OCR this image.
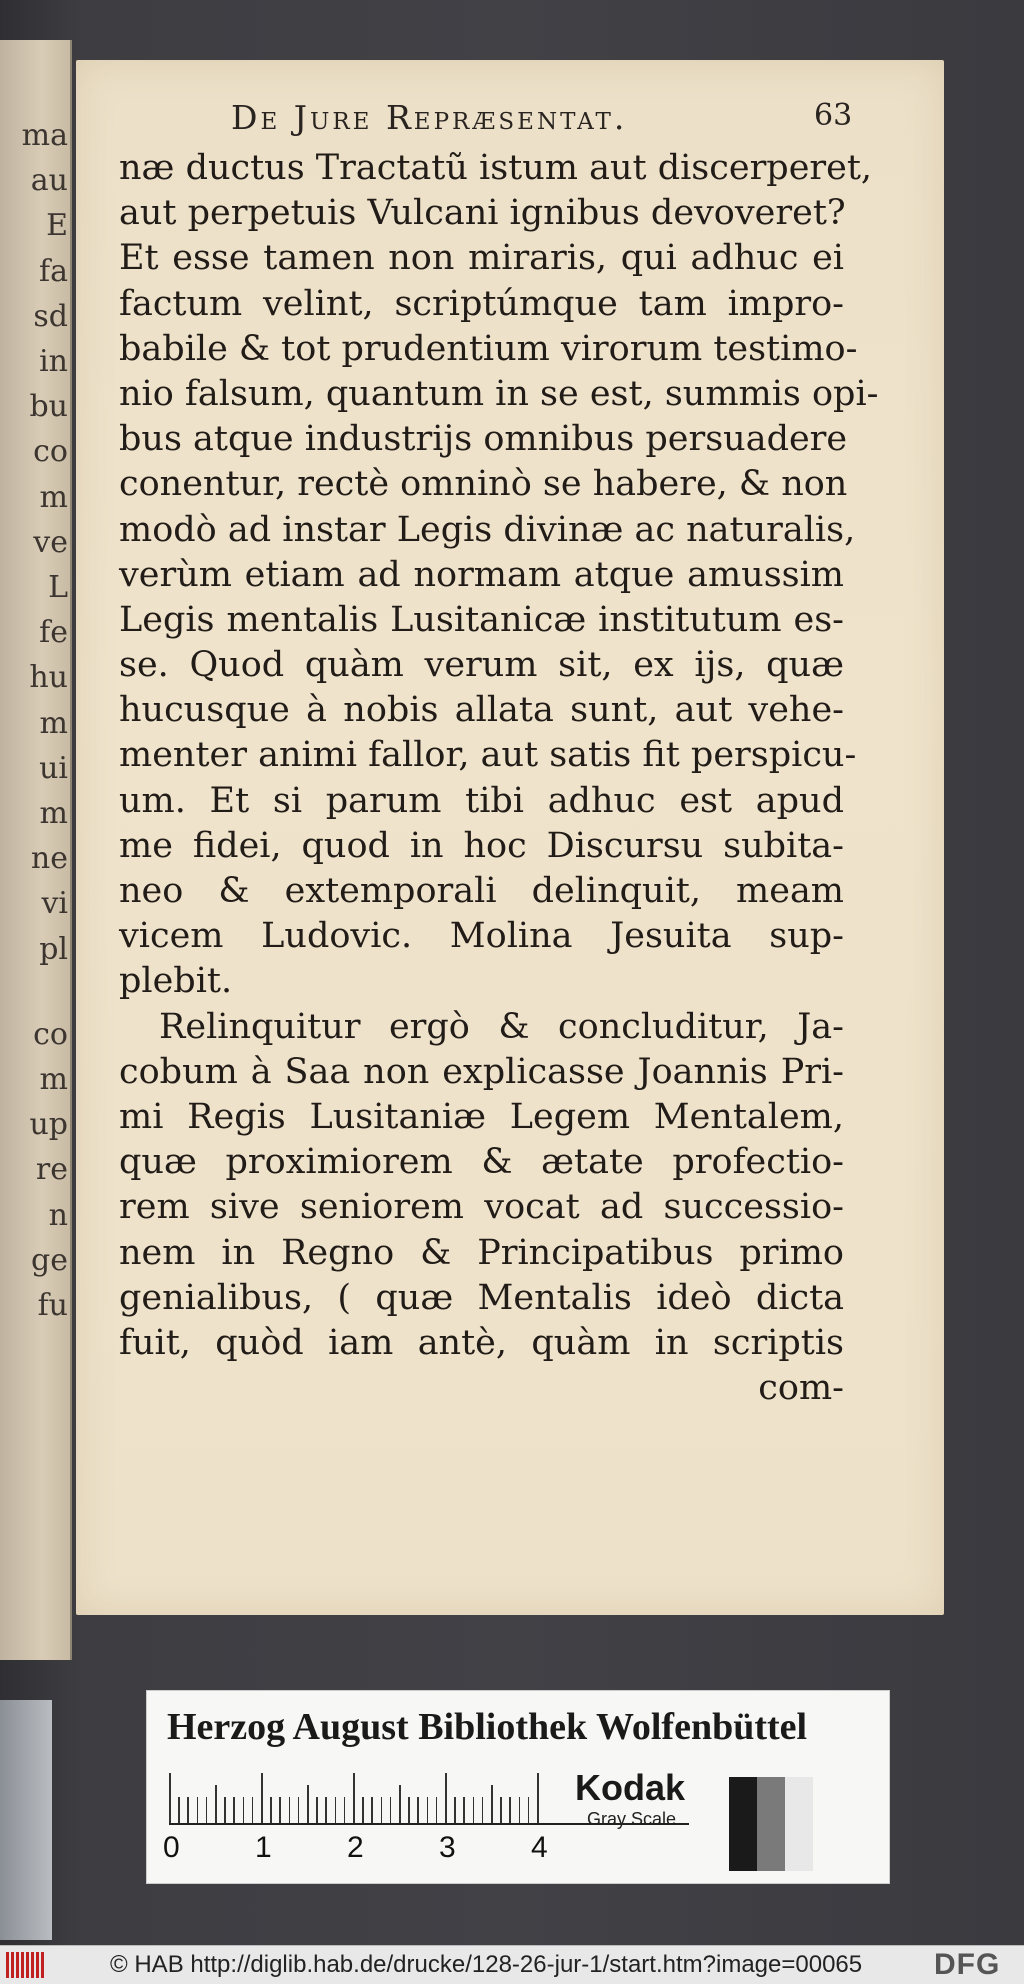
ma
au
E
fa
sd
in
bu
co
m
ve
L
fe
hu
m
ui
m
ne
vi
pl
co
m
up
re
n
ge
fu
De Jure Repræsentat.	63
næ ductus Tractatũ istum aut discerperet,
aut perpetuis Vulcani ignibus devoveret?
Et esse tamen non miraris, qui adhuc ei
factum velint, scriptúmque tam impro-
babile & tot prudentium virorum testimo-
nio falsum, quantum in se est, summis opi-
bus atque industrijs omnibus persuadere
conentur, rectè omninò se habere, & non
modò ad instar Legis divinæ ac naturalis,
verùm etiam ad normam atque amussim
Legis mentalis Lusitanicæ institutum es-
se. Quod quàm verum sit, ex ijs, quæ
hucusque à nobis allata sunt, aut vehe-
menter animi fallor, aut satis fit perspicu-
um. Et si parum tibi adhuc est apud
me fidei, quod in hoc Discursu subita-
neo & extemporali delinquit, meam
vicem Ludovic. Molina Jesuita sup-
plebit.
Relinquitur ergò & concluditur, Ja-
cobum à Saa non explicasse Joannis Pri-
mi Regis Lusitaniæ Legem Mentalem,
quæ proximiorem & ætate profectio-
rem sive seniorem vocat ad successio-
nem in Regno & Principatibus primo
genialibus, ( quæ Mentalis ideò dicta
fuit, quòd iam antè, quàm in scriptis
com-
Herzog August Bibliothek Wolfenbüttel
0	1	2	3	4
Kodak
Gray Scale
© HAB http://diglib.hab.de/drucke/128-26-jur-1/start.htm?image=00065	DFG
